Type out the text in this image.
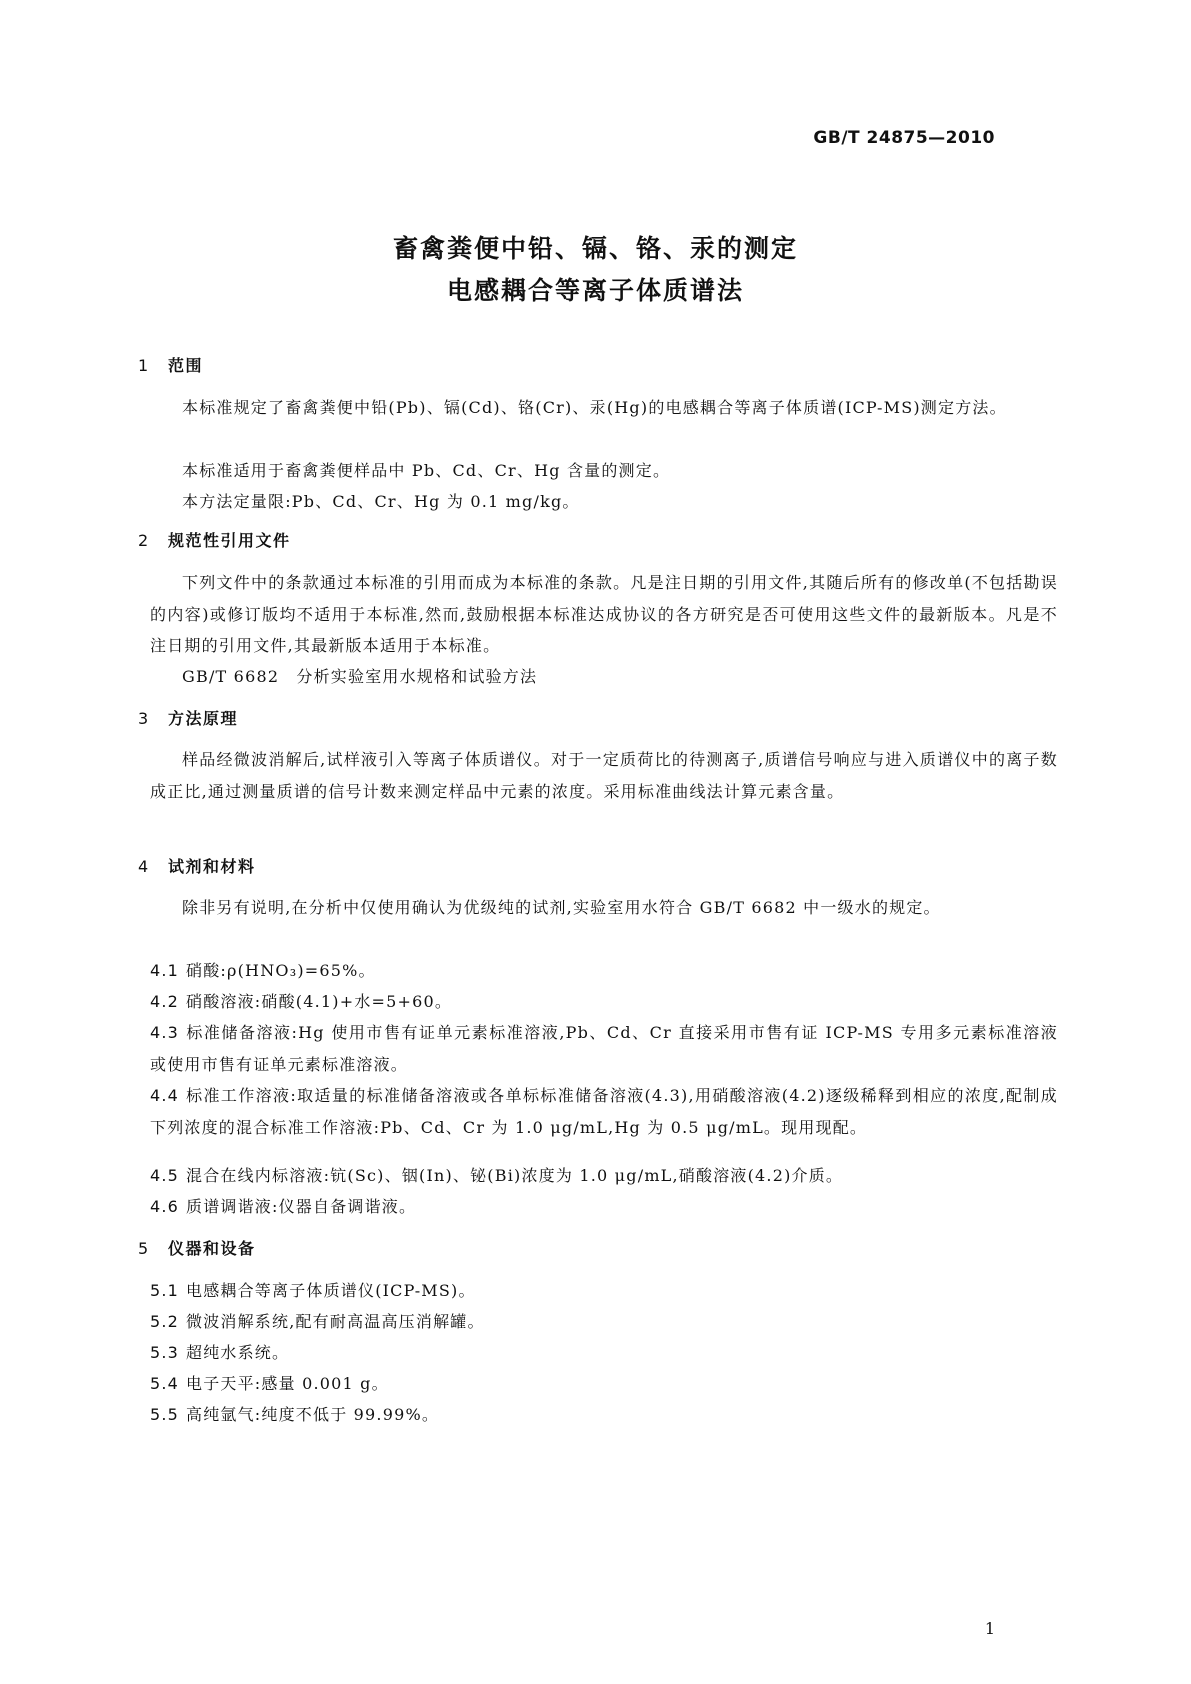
GB/T 24875—2010
畜禽粪便中铅、镉、铬、汞的测定
电感耦合等离子体质谱法
1 范围
本标准规定了畜禽粪便中铅(Pb)、镉(Cd)、铬(Cr)、汞(Hg)的电感耦合等离子体质谱(ICP-MS)测定方法。
本标准适用于畜禽粪便样品中 Pb、Cd、Cr、Hg 含量的测定。
本方法定量限:Pb、Cd、Cr、Hg 为 0.1 mg/kg。
2 规范性引用文件
下列文件中的条款通过本标准的引用而成为本标准的条款。凡是注日期的引用文件,其随后所有的修改单(不包括勘误的内容)或修订版均不适用于本标准,然而,鼓励根据本标准达成协议的各方研究是否可使用这些文件的最新版本。凡是不注日期的引用文件,其最新版本适用于本标准。
GB/T 6682　分析实验室用水规格和试验方法
3 方法原理
样品经微波消解后,试样液引入等离子体质谱仪。对于一定质荷比的待测离子,质谱信号响应与进入质谱仪中的离子数成正比,通过测量质谱的信号计数来测定样品中元素的浓度。采用标准曲线法计算元素含量。
4 试剂和材料
除非另有说明,在分析中仅使用确认为优级纯的试剂,实验室用水符合 GB/T 6682 中一级水的规定。
4.1 硝酸:ρ(HNO₃)=65%。
4.2 硝酸溶液:硝酸(4.1)+水=5+60。
4.3 标准储备溶液:Hg 使用市售有证单元素标准溶液,Pb、Cd、Cr 直接采用市售有证 ICP-MS 专用多元素标准溶液或使用市售有证单元素标准溶液。
4.4 标准工作溶液:取适量的标准储备溶液或各单标标准储备溶液(4.3),用硝酸溶液(4.2)逐级稀释到相应的浓度,配制成下列浓度的混合标准工作溶液:Pb、Cd、Cr 为 1.0 μg/mL,Hg 为 0.5 μg/mL。现用现配。
4.5 混合在线内标溶液:钪(Sc)、铟(In)、铋(Bi)浓度为 1.0 μg/mL,硝酸溶液(4.2)介质。
4.6 质谱调谐液:仪器自备调谐液。
5 仪器和设备
5.1 电感耦合等离子体质谱仪(ICP-MS)。
5.2 微波消解系统,配有耐高温高压消解罐。
5.3 超纯水系统。
5.4 电子天平:感量 0.001 g。
5.5 高纯氩气:纯度不低于 99.99%。
1
